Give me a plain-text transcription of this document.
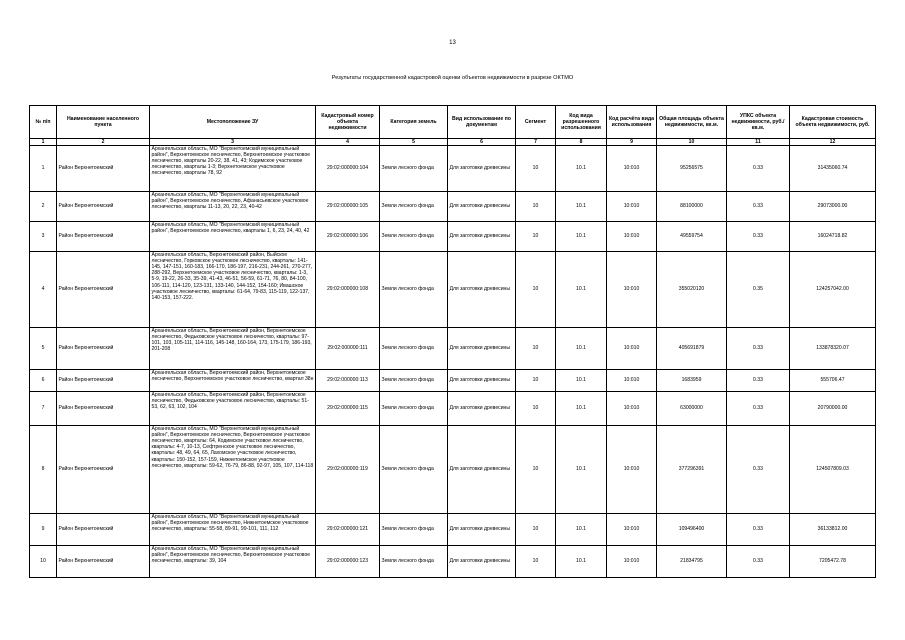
13
Результаты государственной кадастровой оценки объектов недвижимости в разрезе ОКТМО
№ п/п	Наименование населенного пункта	Местоположение ЗУ	Кадастровый номер объекта недвижимости	Категория земель	Вид использование по документам	Сегмент	Код вида разрешенного использования	Код расчёта вида использования	Общая площадь объекта недвижимости, кв.м.	УПКС объекта недвижимости, руб./кв.м.	Кадастровая стоимость объекта недвижимости, руб.
1	2	3	4	5	6	7	8	9	10	11	12
1	Район Верхнетоемский	Архангельская область, МО "Верхнетоемский муниципальный район", Верхнетоемское лесничество, Верхнетоемское участковое лесничество, кварталы 20-22, 38, 41, 43; Кодимское участковое лесничество, кварталы 1-3; Верхнетоемское участковое лесничество, кварталы 78, 92	29:02:000000:104	Земли лесного фонда	Для заготовки древесины	10	10.1	10:010	95256575	0.33	31435060.74
2	Район Верхнетоемский	Архангельская область, МО "Верхнетоемский муниципальный район", Верхнетоемское лесничество, Афанасьевское участковое лесничество, кварталы 11-13, 20, 22, 23, 40-42	29:02:000000:105	Земли лесного фонда	Для заготовки древесины	10	10.1	10:010	88100000	0.33	29073000.00
3	Район Верхнетоемский	Архангельская область, МО "Верхнетоемский муниципальный район", Верхнетоемское лесничество, кварталы 1, 6, 23, 24, 40, 42	29:02:000000:106	Земли лесного фонда	Для заготовки древесины	10	10.1	10:010	49559754	0.33	16024718.82
4	Район Верхнетоемский	Архангельская область, Верхнетоемский район, Выйское лесничество, Горковское участковое лесничество, кварталы: 141-145, 147-151, 160-183, 166-170, 186-197, 216-231, 244-261, 270-277, 288-292, Верхнетоемское участковое лесничество, кварталы: 1-3, 5-9, 19-22, 26-33, 35-39, 41-43, 46-51, 56-59, 61-71, 76, 80, 84-100, 106-111, 114-120, 123-131, 133-140, 144-152, 154-160; Ивашское участковое лесничество, кварталы: 61-64, 79-83, 115-119, 122-137, 140-153, 157-222.	29:02:000000:108	Земли лесного фонда	Для заготовки древесины	10	10.1	10:010	355020120	0.35	124257042.00
5	Район Верхнетоемский	Архангельская область, Верхнетоемский район, Верхнетоемское лесничество, Федьковское участковое лесничество, кварталы: 97-101, 103, 105-111, 114-116, 145-148, 160-164, 173, 175-179, 186-193, 201-208	29:02:000000:111	Земли лесного фонда	Для заготовки древесины	10	10.1	10:010	405691879	0.33	133878320.07
6	Район Верхнетоемский	Архангельская область, Верхнетоемский район, Верхнетоемское лесничество, Верхнетоемское участковое лесничество, квартал 38н	29:02:000000:113	Земли лесного фонда	Для заготовки древесины	10	10.1	10:010	1683959	0.33	555706.47
7	Район Верхнетоемский	Архангельская область, Верхнетоемский район, Верхнетоемское лесничество, Федьковское участковое лесничество, кварталы: 51-53, 62, 63, 102, 104	29:02:000000:115	Земли лесного фонда	Для заготовки древесины	10	10.1	10:010	63000000	0.33	20790000.00
8	Район Верхнетоемский	Архангельская область, МО "Верхнетоемский муниципальный район", Верхнетоемское лесничество, Верхнетоемское участковое лесничество, кварталы: 64, Кодимское участковое лесничество, кварталы: 4-7, 10-13, Сефтренское участковое лесничество, кварталы: 48, 49, 64, 65, Лахомское участковое лесничество, кварталы: 150-152, 157-159, Нижнетоемское участковое лесничество, кварталы: 59-62, 76-79, 86-88, 92-97, 105, 107, 114-118	29:02:000000:119	Земли лесного фонда	Для заготовки древесины	10	10.1	10:010	377296391	0.33	124507809.03
9	Район Верхнетоемский	Архангельская область, МО "Верхнетоемский муниципальный район", Верхнетоемское лесничество, Нижнетоемское участковое лесничество, кварталы: 55-58, 89-91, 99-101, 111, 112	29:02:000000:121	Земли лесного фонда	Для заготовки древесины	10	10.1	10:010	109496400	0.33	36133812.00
10	Район Верхнетоемский	Архангельская область, МО "Верхнетоемский муниципальный район", Верхнетоемское лесничество, Верхнетоемское участковое лесничество, кварталы: 39, 104	29:02:000000:123	Земли лесного фонда	Для заготовки древесины	10	10.1	10:010	21834795	0.33	7205472.78
